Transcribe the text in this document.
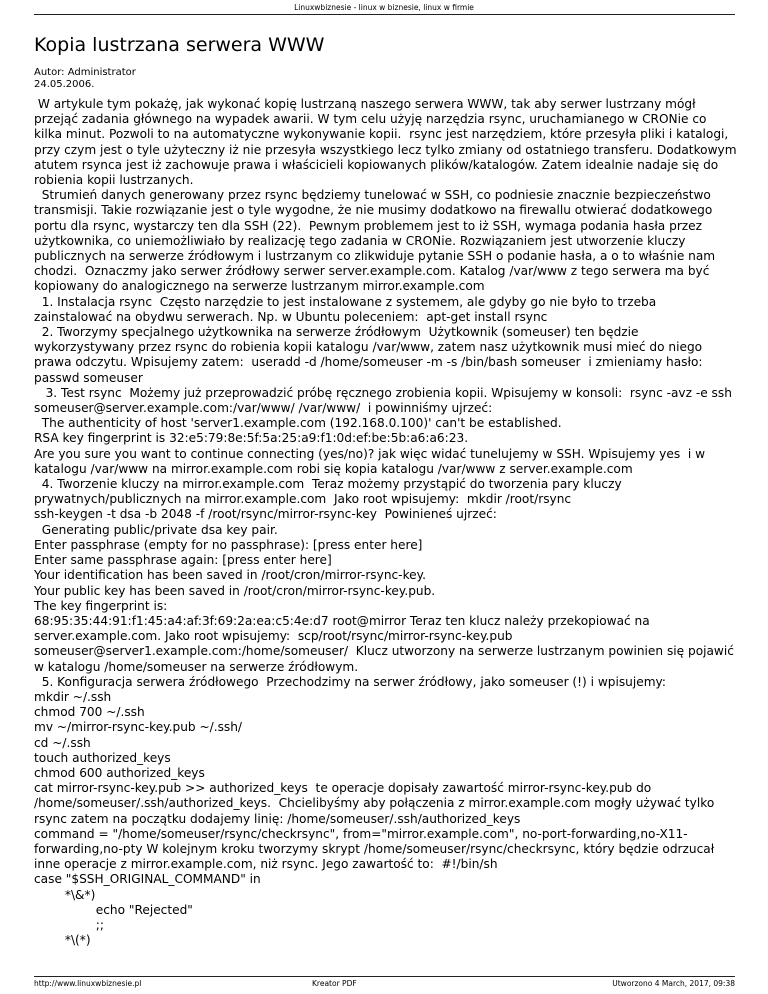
Linuxwbiznesie - linux w biznesie, linux w firmie
Kopia lustrzana serwera WWW
Autor: Administrator
24.05.2006.
W artykule tym pokażę, jak wykonać kopię lustrzaną naszego serwera WWW, tak aby serwer lustrzany mógł przejąć zadania głównego na wypadek awarii. W tym celu użyję narzędzia rsync, uruchamianego w CRONie co kilka minut. Pozwoli to na automatyczne wykonywanie kopii.  rsync jest narzędziem, które przesyła pliki i katalogi, przy czym jest o tyle użyteczny iż nie przesyła wszystkiego lecz tylko zmiany od ostatniego transferu. Dodatkowym atutem rsynca jest iż zachowuje prawa i właścicieli kopiowanych plików/katalogów. Zatem idealnie nadaje się do robienia kopii lustrzanych.
Strumień danych generowany przez rsync będziemy tunelować w SSH, co podniesie znacznie bezpieczeństwo transmisji. Takie rozwiązanie jest o tyle wygodne, że nie musimy dodatkowo na firewallu otwierać dodatkowego portu dla rsync, wystarczy ten dla SSH (22).  Pewnym problemem jest to iż SSH, wymaga podania hasła przez użytkownika, co uniemożliwiało by realizację tego zadania w CRONie. Rozwiązaniem jest utworzenie kluczy publicznych na serwerze źródłowym i lustrzanym co zlikwiduje pytanie SSH o podanie hasła, a o to właśnie nam chodzi.  Oznaczmy jako serwer źródłowy serwer server.example.com. Katalog /var/www z tego serwera ma być kopiowany do analogicznego na serwerze lustrzanym mirror.example.com
1. Instalacja rsync  Często narzędzie to jest instalowane z systemem, ale gdyby go nie było to trzeba zainstalować na obydwu serwerach. Np. w Ubuntu poleceniem:  apt-get install rsync
2. Tworzymy specjalnego użytkownika na serwerze źródłowym  Użytkownik (someuser) ten będzie wykorzystywany przez rsync do robienia kopii katalogu /var/www, zatem nasz użytkownik musi mieć do niego prawa odczytu. Wpisujemy zatem:  useradd -d /home/someuser -m -s /bin/bash someuser  i zmieniamy hasło:  passwd someuser
3. Test rsync  Możemy już przeprowadzić próbę ręcznego zrobienia kopii. Wpisujemy w konsoli:  rsync -avz -e ssh someuser@server.example.com:/var/www/ /var/www/  i powinniśmy ujrzeć:
The authenticity of host 'server1.example.com (192.168.0.100)' can't be established.
RSA key fingerprint is 32:e5:79:8e:5f:5a:25:a9:f1:0d:ef:be:5b:a6:a6:23.
Are you sure you want to continue connecting (yes/no)? jak więc widać tunelujemy w SSH. Wpisujemy yes  i w katalogu /var/www na mirror.example.com robi się kopia katalogu /var/www z server.example.com
4. Tworzenie kluczy na mirror.example.com  Teraz możemy przystąpić do tworzenia pary kluczy prywatnych/publicznych na mirror.example.com  Jako root wpisujemy:  mkdir /root/rsync
ssh-keygen -t dsa -b 2048 -f /root/rsync/mirror-rsync-key  Powinieneś ujrzeć:
Generating public/private dsa key pair.
Enter passphrase (empty for no passphrase): [press enter here]
Enter same passphrase again: [press enter here]
Your identification has been saved in /root/cron/mirror-rsync-key.
Your public key has been saved in /root/cron/mirror-rsync-key.pub.
The key fingerprint is:
68:95:35:44:91:f1:45:a4:af:3f:69:2a:ea:c5:4e:d7 root@mirror Teraz ten klucz należy przekopiować na server.example.com. Jako root wpisujemy:  scp/root/rsync/mirror-rsync-key.pub someuser@server1.example.com:/home/someuser/  Klucz utworzony na serwerze lustrzanym powinien się pojawić w katalogu /home/someuser na serwerze źródłowym.
5. Konfiguracja serwera źródłowego  Przechodzimy na serwer źródłowy, jako someuser (!) i wpisujemy:
mkdir ~/.ssh
chmod 700 ~/.ssh
mv ~/mirror-rsync-key.pub ~/.ssh/
cd ~/.ssh
touch authorized_keys
chmod 600 authorized_keys
cat mirror-rsync-key.pub >> authorized_keys  te operacje dopisały zawartość mirror-rsync-key.pub do /home/someuser/.ssh/authorized_keys.  Chcielibyśmy aby połączenia z mirror.example.com mogły używać tylko rsync zatem na początku dodajemy linię: /home/someuser/.ssh/authorized_keys
command = "/home/someuser/rsync/checkrsync", from="mirror.example.com", no-port-forwarding,no-X11-forwarding,no-pty W kolejnym kroku tworzymy skrypt /home/someuser/rsync/checkrsync, który będzie odrzucał inne operacje z mirror.example.com, niż rsync. Jego zawartość to:  #!/bin/sh
case "$SSH_ORIGINAL_COMMAND" in
*\&*)
echo "Rejected"
;;
*\(*)
http://www.linuxwbiznesie.pl	Kreator PDF	Utworzono 4 March, 2017, 09:38
